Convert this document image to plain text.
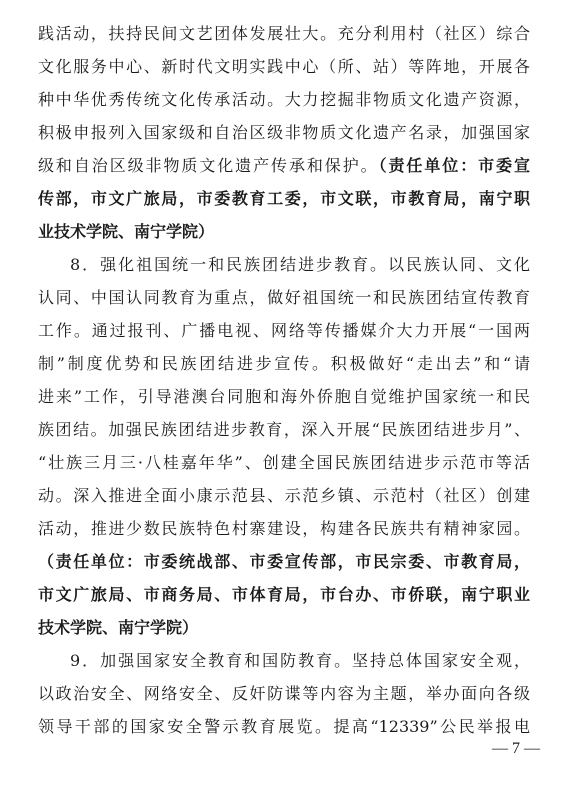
践活动，扶持民间文艺团体发展壮大。充分利用村（社区）综合
文化服务中心、新时代文明实践中心（所、站）等阵地，开展各
种中华优秀传统文化传承活动。大力挖掘非物质文化遗产资源，
积极申报列入国家级和自治区级非物质文化遗产名录，加强国家
级和自治区级非物质文化遗产传承和保护。（责任单位：市委宣
传部，市文广旅局，市委教育工委，市文联，市教育局，南宁职
业技术学院、南宁学院）
8．强化祖国统一和民族团结进步教育。以民族认同、文化
认同、中国认同教育为重点，做好祖国统一和民族团结宣传教育
工作。通过报刊、广播电视、网络等传播媒介大力开展“一国两
制”制度优势和民族团结进步宣传。积极做好“走出去”和“请
进来”工作，引导港澳台同胞和海外侨胞自觉维护国家统一和民
族团结。加强民族团结进步教育，深入开展“民族团结进步月”、
“壮族三月三·八桂嘉年华”、创建全国民族团结进步示范市等活
动。深入推进全面小康示范县、示范乡镇、示范村（社区）创建
活动，推进少数民族特色村寨建设，构建各民族共有精神家园。
（责任单位：市委统战部、市委宣传部，市民宗委、市教育局，
市文广旅局、市商务局、市体育局，市台办、市侨联，南宁职业
技术学院、南宁学院）
9．加强国家安全教育和国防教育。坚持总体国家安全观，
以政治安全、网络安全、反奸防谍等内容为主题，举办面向各级
领导干部的国家安全警示教育展览。提高“12339”公民举报电
— 7 —
